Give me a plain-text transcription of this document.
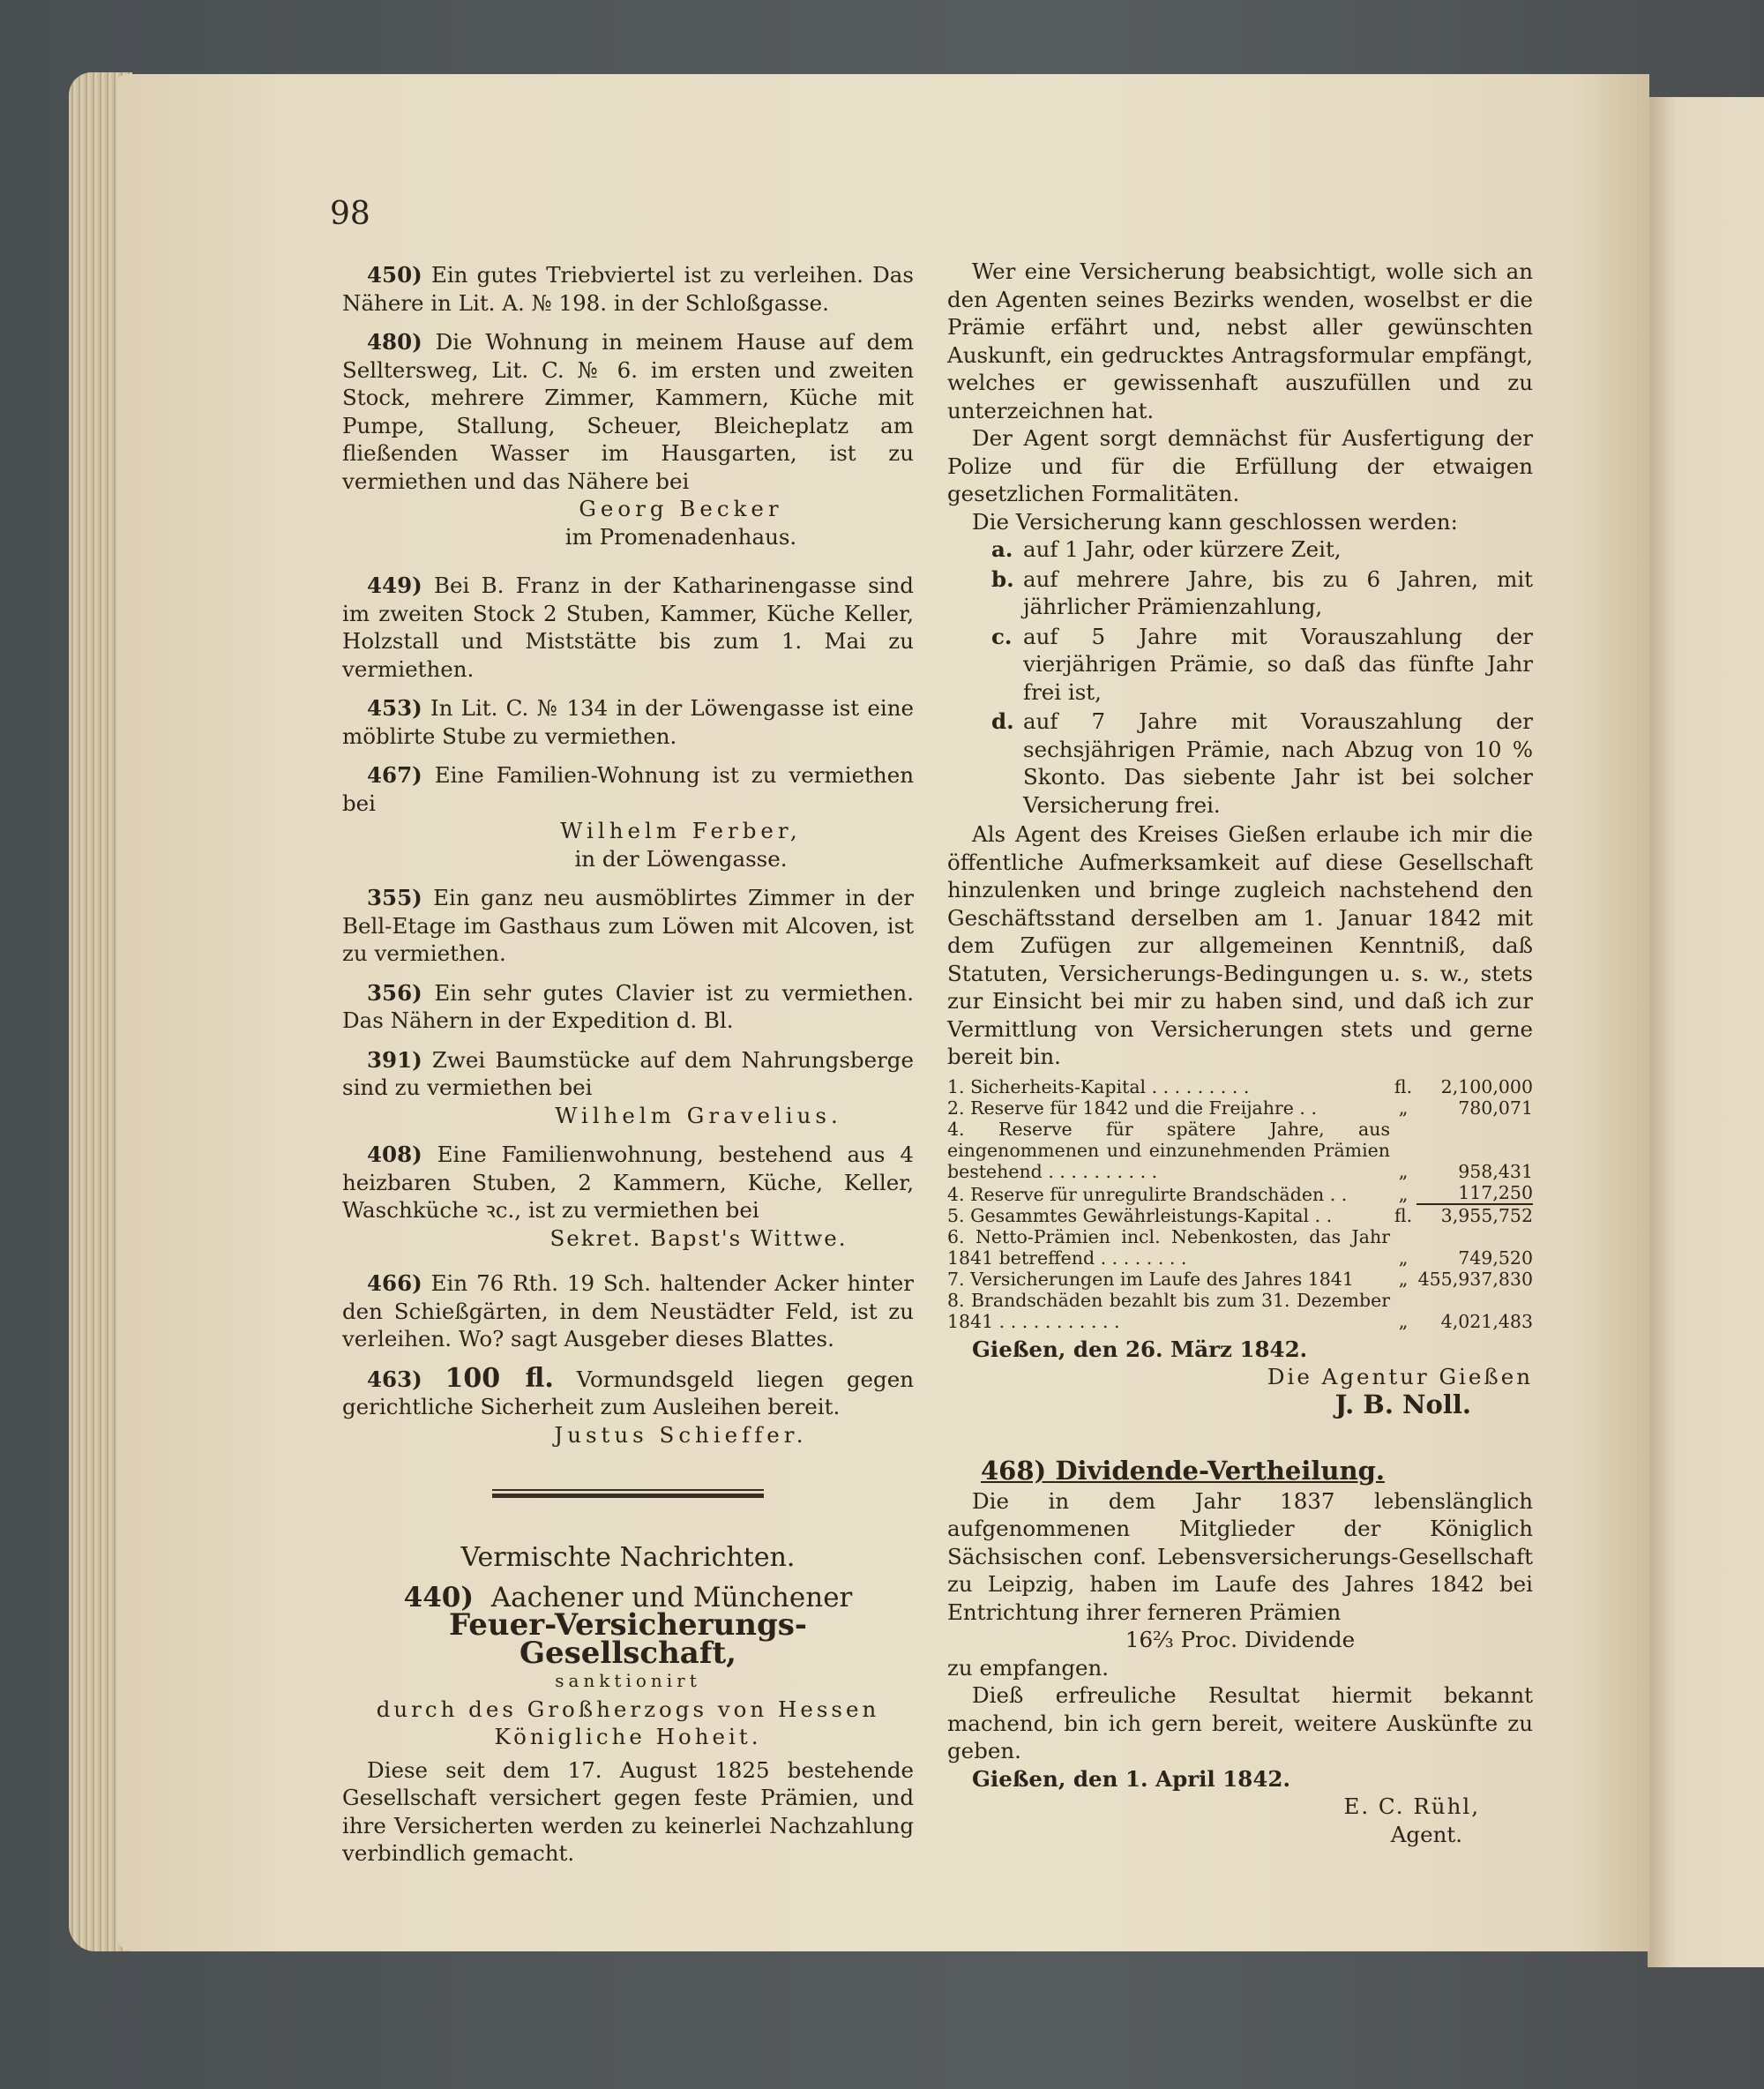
98

450) Ein gutes Triebviertel ist zu verleihen. Das Nähere in Lit. A. № 198. in der Schloßgasse.

480) Die Wohnung in meinem Hause auf dem Selltersweg, Lit. C. № 6. im ersten und zweiten Stock, mehrere Zimmer, Kammern, Küche mit Pumpe, Stallung, Scheuer, Bleicheplatz am fließenden Wasser im Hausgarten, ist zu vermiethen und das Nähere bei

Georg Becker

im Promenadenhaus.

449) Bei B. Franz in der Katharinengasse sind im zweiten Stock 2 Stuben, Kammer, Küche Keller, Holzstall und Miststätte bis zum 1. Mai zu vermiethen.

453) In Lit. C. № 134 in der Löwengasse ist eine möblirte Stube zu vermiethen.

467) Eine Familien-Wohnung ist zu vermiethen bei

Wilhelm Ferber,

in der Löwengasse.

355) Ein ganz neu ausmöblirtes Zimmer in der Bell-Etage im Gasthaus zum Löwen mit Alcoven, ist zu vermiethen.

356) Ein sehr gutes Clavier ist zu vermiethen. Das Nähern in der Expedition d. Bl.

391) Zwei Baumstücke auf dem Nahrungsberge sind zu vermiethen bei

Wilhelm Gravelius.

408) Eine Familienwohnung, bestehend aus 4 heizbaren Stuben, 2 Kammern, Küche, Keller, Waschküche ꝛc., ist zu vermiethen bei

Sekret. Bapst's Wittwe.

466) Ein 76 Rth. 19 Sch. haltender Acker hinter den Schießgärten, in dem Neustädter Feld, ist zu verleihen. Wo? sagt Ausgeber dieses Blattes.

463) 100 fl. Vormundsgeld liegen gegen gerichtliche Sicherheit zum Ausleihen bereit.

Justus Schieffer.

Vermischte Nachrichten.

440) Aachener und Münchener

Feuer-Versicherungs-Gesellschaft,

sanktionirt

durch des Großherzogs von Hessen Königliche Hoheit.

Diese seit dem 17. August 1825 bestehende Gesellschaft versichert gegen feste Prämien, und ihre Versicherten werden zu keinerlei Nachzahlung verbindlich gemacht.

Wer eine Versicherung beabsichtigt, wolle sich an den Agenten seines Bezirks wenden, woselbst er die Prämie erfährt und, nebst aller gewünschten Auskunft, ein gedrucktes Antragsformular empfängt, welches er gewissenhaft auszufüllen und zu unterzeichnen hat.

Der Agent sorgt demnächst für Ausfertigung der Polize und für die Erfüllung der etwaigen gesetzlichen Formalitäten.

Die Versicherung kann geschlossen werden:

a. auf 1 Jahr, oder kürzere Zeit,
b. auf mehrere Jahre, bis zu 6 Jahren, mit jährlicher Prämienzahlung,
c. auf 5 Jahre mit Vorauszahlung der vierjährigen Prämie, so daß das fünfte Jahr frei ist,
d. auf 7 Jahre mit Vorauszahlung der sechsjährigen Prämie, nach Abzug von 10 % Skonto. Das siebente Jahr ist bei solcher Versicherung frei.

Als Agent des Kreises Gießen erlaube ich mir die öffentliche Aufmerksamkeit auf diese Gesellschaft hinzulenken und bringe zugleich nachstehend den Geschäftsstand derselben am 1. Januar 1842 mit dem Zufügen zur allgemeinen Kenntniß, daß Statuten, Versicherungs-Bedingungen u. s. w., stets zur Einsicht bei mir zu haben sind, und daß ich zur Vermittlung von Versicherungen stets und gerne bereit bin.

1. Sicherheits-Kapital . . . . . . . . .	fl.	2,100,000
2. Reserve für 1842 und die Freijahre . .	„	780,071
4. Reserve für spätere Jahre, aus eingenommenen und einzunehmenden Prämien bestehend . . . . . . . . . .	„	958,431
4. Reserve für unregulirte Brandschäden . .	„	117,250
5. Gesammtes Gewährleistungs-Kapital . .	fl.	3,955,752
6. Netto-Prämien incl. Nebenkosten, das Jahr 1841 betreffend . . . . . . . .	„	749,520
7. Versicherungen im Laufe des Jahres 1841	„ 455,937,830
8. Brandschäden bezahlt bis zum 31. Dezember 1841 . . . . . . . . . . .	„	4,021,483

Gießen, den 26. März 1842.

Die Agentur Gießen

J. B. Noll.

468) Dividende-Vertheilung.

Die in dem Jahr 1837 lebenslänglich aufgenommenen Mitglieder der Königlich Sächsischen conf. Lebensversicherungs-Gesellschaft zu Leipzig, haben im Laufe des Jahres 1842 bei Entrichtung ihrer ferneren Prämien

16⅔ Proc. Dividende

zu empfangen.

Dieß erfreuliche Resultat hiermit bekannt machend, bin ich gern bereit, weitere Auskünfte zu geben.

Gießen, den 1. April 1842.

E. C. Rühl,

Agent.
